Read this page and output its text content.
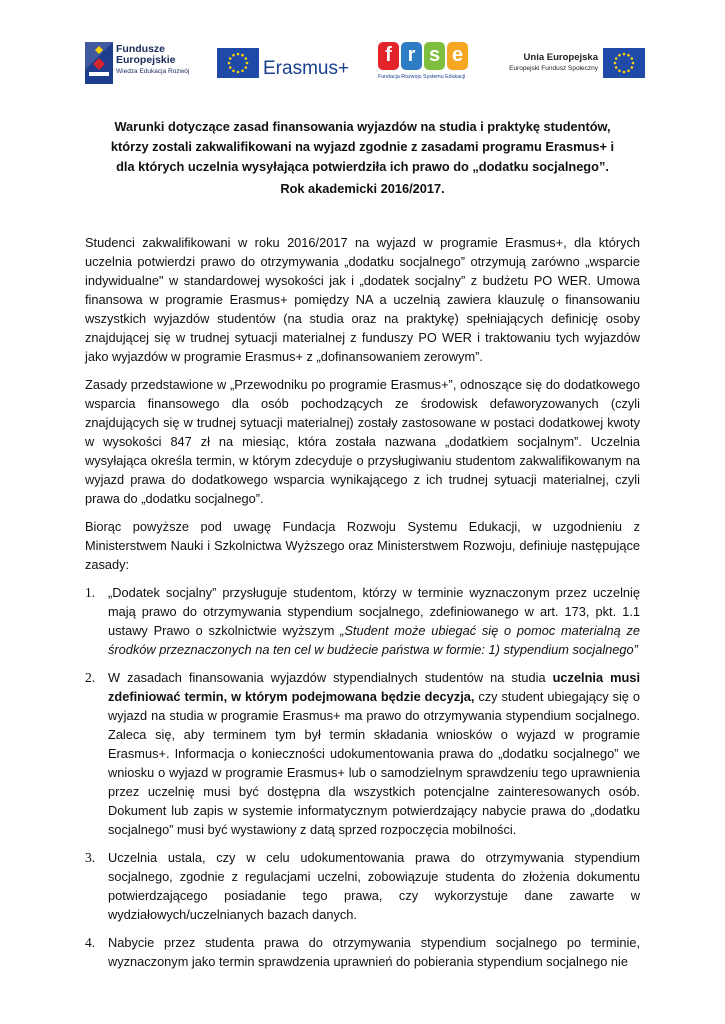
Fundusze
Europejskie
Wiedza Edukacja Rozwój	Erasmus+
f r s e
Fundacja Rozwoju Systemu Edukacji
Unia Europejska
Europejski Fundusz Społeczny
Warunki dotyczące zasad finansowania wyjazdów na studia i praktykę studentów, którzy zostali zakwalifikowani na wyjazd zgodnie z zasadami programu Erasmus+ i dla których uczelnia wysyłająca potwierdziła ich prawo do „dodatku socjalnego”.
Rok akademicki 2016/2017.

Studenci zakwalifikowani w roku 2016/2017 na wyjazd w programie Erasmus+, dla których uczelnia potwierdzi prawo do otrzymywania „dodatku socjalnego” otrzymują zarówno „wsparcie indywidualne" w standardowej wysokości jak i „dodatek socjalny” z budżetu PO WER. Umowa finansowa w programie Erasmus+ pomiędzy NA a uczelnią zawiera klauzulę o finansowaniu wszystkich wyjazdów studentów (na studia oraz na praktykę) spełniających definicję osoby znajdującej się w trudnej sytuacji materialnej z funduszy PO WER i traktowaniu tych wyjazdów jako wyjazdów w programie Erasmus+ z „dofinansowaniem zerowym”.

Zasady przedstawione w „Przewodniku po programie Erasmus+”, odnoszące się do dodatkowego wsparcia finansowego dla osób pochodzących ze środowisk defaworyzowanych (czyli znajdujących się w trudnej sytuacji materialnej) zostały zastosowane w postaci dodatkowej kwoty w wysokości 847 zł na miesiąc, która została nazwana „dodatkiem socjalnym”. Uczelnia wysyłająca określa termin, w którym zdecyduje o przysługiwaniu studentom zakwalifikowanym na wyjazd prawa do dodatkowego wsparcia wynikającego z ich trudnej sytuacji materialnej, czyli prawa do „dodatku socjalnego”.

Biorąc powyższe pod uwagę Fundacja Rozwoju Systemu Edukacji, w uzgodnieniu z Ministerstwem Nauki i Szkolnictwa Wyższego oraz Ministerstwem Rozwoju, definiuje następujące zasady:

1. „Dodatek socjalny” przysługuje studentom, którzy w terminie wyznaczonym przez uczelnię mają prawo do otrzymywania stypendium socjalnego, zdefiniowanego w art. 173, pkt. 1.1 ustawy Prawo o szkolnictwie wyższym „Student może ubiegać się o pomoc materialną ze środków przeznaczonych na ten cel w budżecie państwa w formie: 1) stypendium socjalnego”
2. W zasadach finansowania wyjazdów stypendialnych studentów na studia uczelnia musi zdefiniować termin, w którym podejmowana będzie decyzja, czy student ubiegający się o wyjazd na studia w programie Erasmus+ ma prawo do otrzymywania stypendium socjalnego. Zaleca się, aby terminem tym był termin składania wniosków o wyjazd w programie Erasmus+. Informacja o konieczności udokumentowania prawa do „dodatku socjalnego” we wniosku o wyjazd w programie Erasmus+ lub o samodzielnym sprawdzeniu tego uprawnienia przez uczelnię musi być dostępna dla wszystkich potencjalne zainteresowanych osób. Dokument lub zapis w systemie informatycznym potwierdzający nabycie prawa do „dodatku socjalnego” musi być wystawiony z datą sprzed rozpoczęcia mobilności.
3. Uczelnia ustala, czy w celu udokumentowania prawa do otrzymywania stypendium socjalnego, zgodnie z regulacjami uczelni, zobowiązuje studenta do złożenia dokumentu potwierdzającego posiadanie tego prawa, czy wykorzystuje dane zawarte w wydziałowych/uczelnianych bazach danych.
4. Nabycie przez studenta prawa do otrzymywania stypendium socjalnego po terminie, wyznaczonym jako termin sprawdzenia uprawnień do pobierania stypendium socjalnego nie
